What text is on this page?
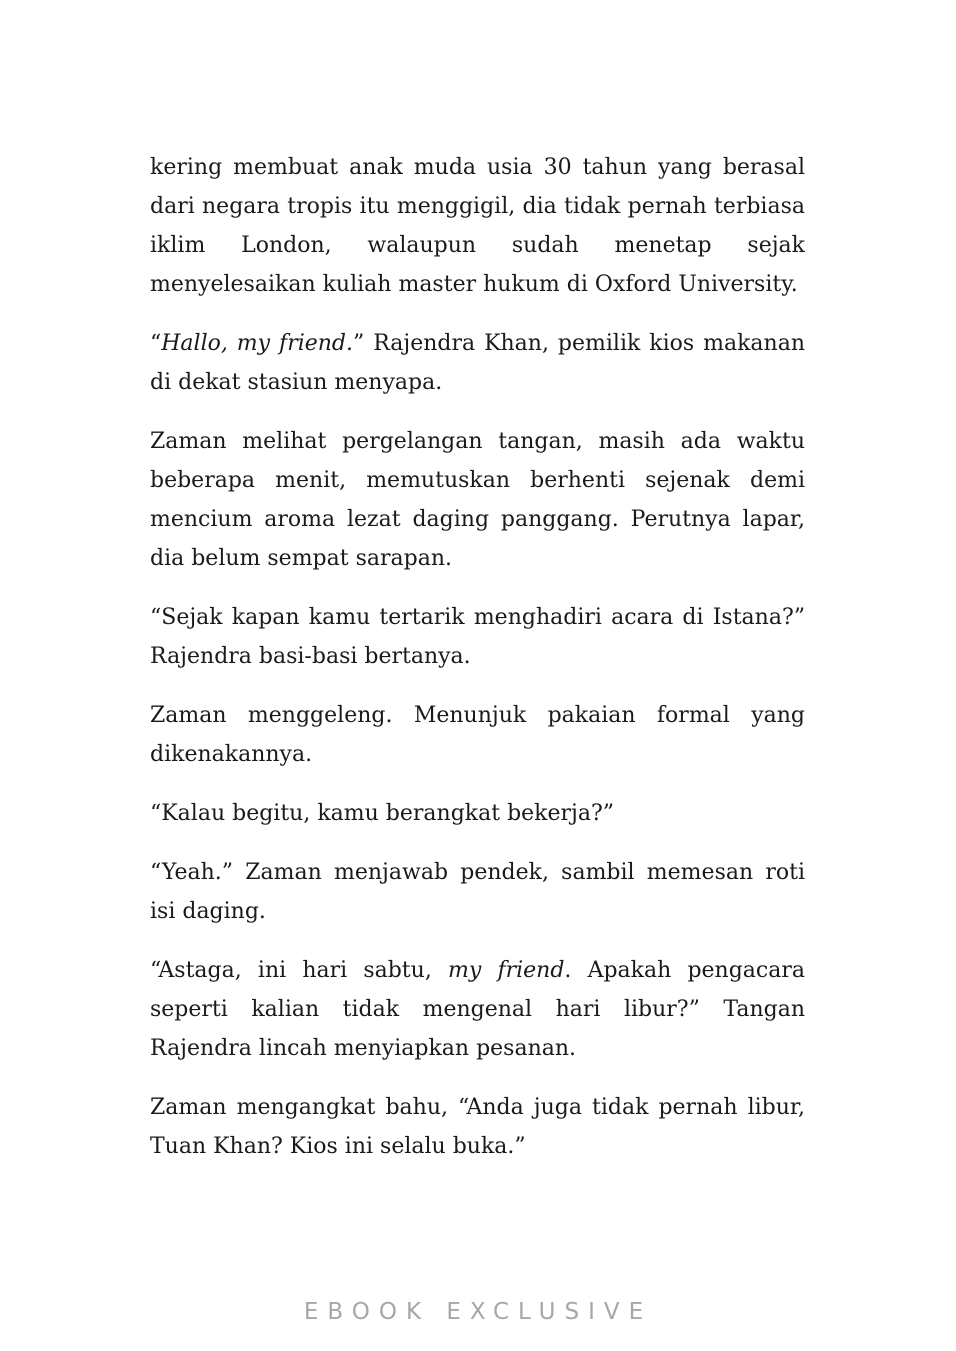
kering membuat anak muda usia 30 tahun yang berasal dari negara tropis itu menggigil, dia tidak pernah terbiasa iklim London, walaupun sudah menetap sejak menyelesaikan kuliah master hukum di Oxford University.

“Hallo, my friend.” Rajendra Khan, pemilik kios makanan di dekat stasiun menyapa.

Zaman melihat pergelangan tangan, masih ada waktu beberapa menit, memutuskan berhenti sejenak demi mencium aroma lezat daging panggang. Perutnya lapar, dia belum sempat sarapan.

“Sejak kapan kamu tertarik menghadiri acara di Istana?” Rajendra basi-basi bertanya.

Zaman menggeleng. Menunjuk pakaian formal yang dikenakannya.

“Kalau begitu, kamu berangkat bekerja?”

“Yeah.” Zaman menjawab pendek, sambil memesan roti isi daging.

“Astaga, ini hari sabtu, my friend. Apakah pengacara seperti kalian tidak mengenal hari libur?” Tangan Rajendra lincah menyiapkan pesanan.

Zaman mengangkat bahu, “Anda juga tidak pernah libur, Tuan Khan? Kios ini selalu buka.”

EBOOK EXCLUSIVE
